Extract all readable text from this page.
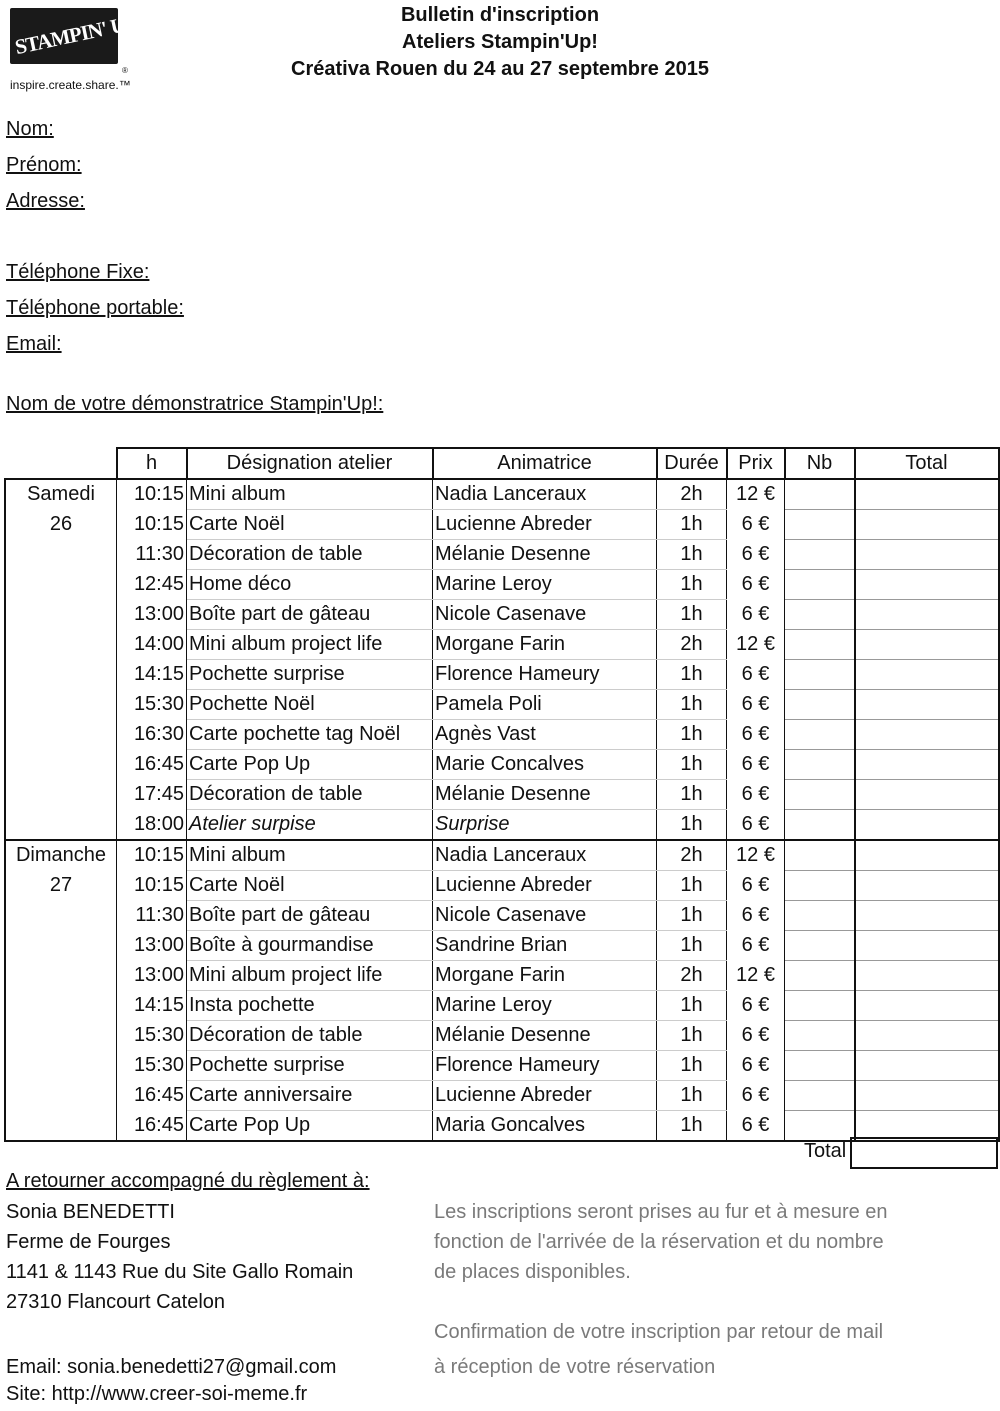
STAMPIN' UP!
®
inspire.create.share.™
Bulletin d'inscription
Ateliers Stampin'Up!
Créativa Rouen du 24 au 27 septembre 2015
Nom:
Prénom:
Adresse:
Téléphone Fixe:
Téléphone portable:
Email:
Nom de votre démonstratrice Stampin'Up!:
	h	Désignation atelier	Animatrice	Durée	Prix	Nb	Total
Samedi	10:15	Mini album	Nadia Lanceraux	2h	12 €		
26	10:15	Carte Noël	Lucienne Abreder	1h	6 €		
	11:30	Décoration de table	Mélanie Desenne	1h	6 €		
	12:45	Home déco	Marine Leroy	1h	6 €		
	13:00	Boîte part de gâteau	Nicole Casenave	1h	6 €		
	14:00	Mini album project life	Morgane Farin	2h	12 €		
	14:15	Pochette surprise	Florence Hameury	1h	6 €		
	15:30	Pochette Noël	Pamela Poli	1h	6 €		
	16:30	Carte pochette tag Noël	Agnès Vast	1h	6 €		
	16:45	Carte Pop Up	Marie Concalves	1h	6 €		
	17:45	Décoration de table	Mélanie Desenne	1h	6 €		
	18:00	Atelier surpise	Surprise	1h	6 €		
Dimanche	10:15	Mini album	Nadia Lanceraux	2h	12 €		
27	10:15	Carte Noël	Lucienne Abreder	1h	6 €		
	11:30	Boîte part de gâteau	Nicole Casenave	1h	6 €		
	13:00	Boîte à gourmandise	Sandrine Brian	1h	6 €		
	13:00	Mini album project life	Morgane Farin	2h	12 €		
	14:15	Insta pochette	Marine Leroy	1h	6 €		
	15:30	Décoration de table	Mélanie Desenne	1h	6 €		
	15:30	Pochette surprise	Florence Hameury	1h	6 €		
	16:45	Carte anniversaire	Lucienne Abreder	1h	6 €		
	16:45	Carte Pop Up	Maria Goncalves	1h	6 €		
Total
A retourner accompagné du règlement à:
Sonia BENEDETTI
Ferme de Fourges
1141 & 1143 Rue du Site Gallo Romain
27310 Flancourt Catelon
Email: sonia.benedetti27@gmail.com
Site: http://www.creer-soi-meme.fr
Les inscriptions seront prises au fur et à mesure en
fonction de l'arrivée de la réservation et du nombre
de places disponibles.
Confirmation de votre inscription par retour de mail
à réception de votre réservation
